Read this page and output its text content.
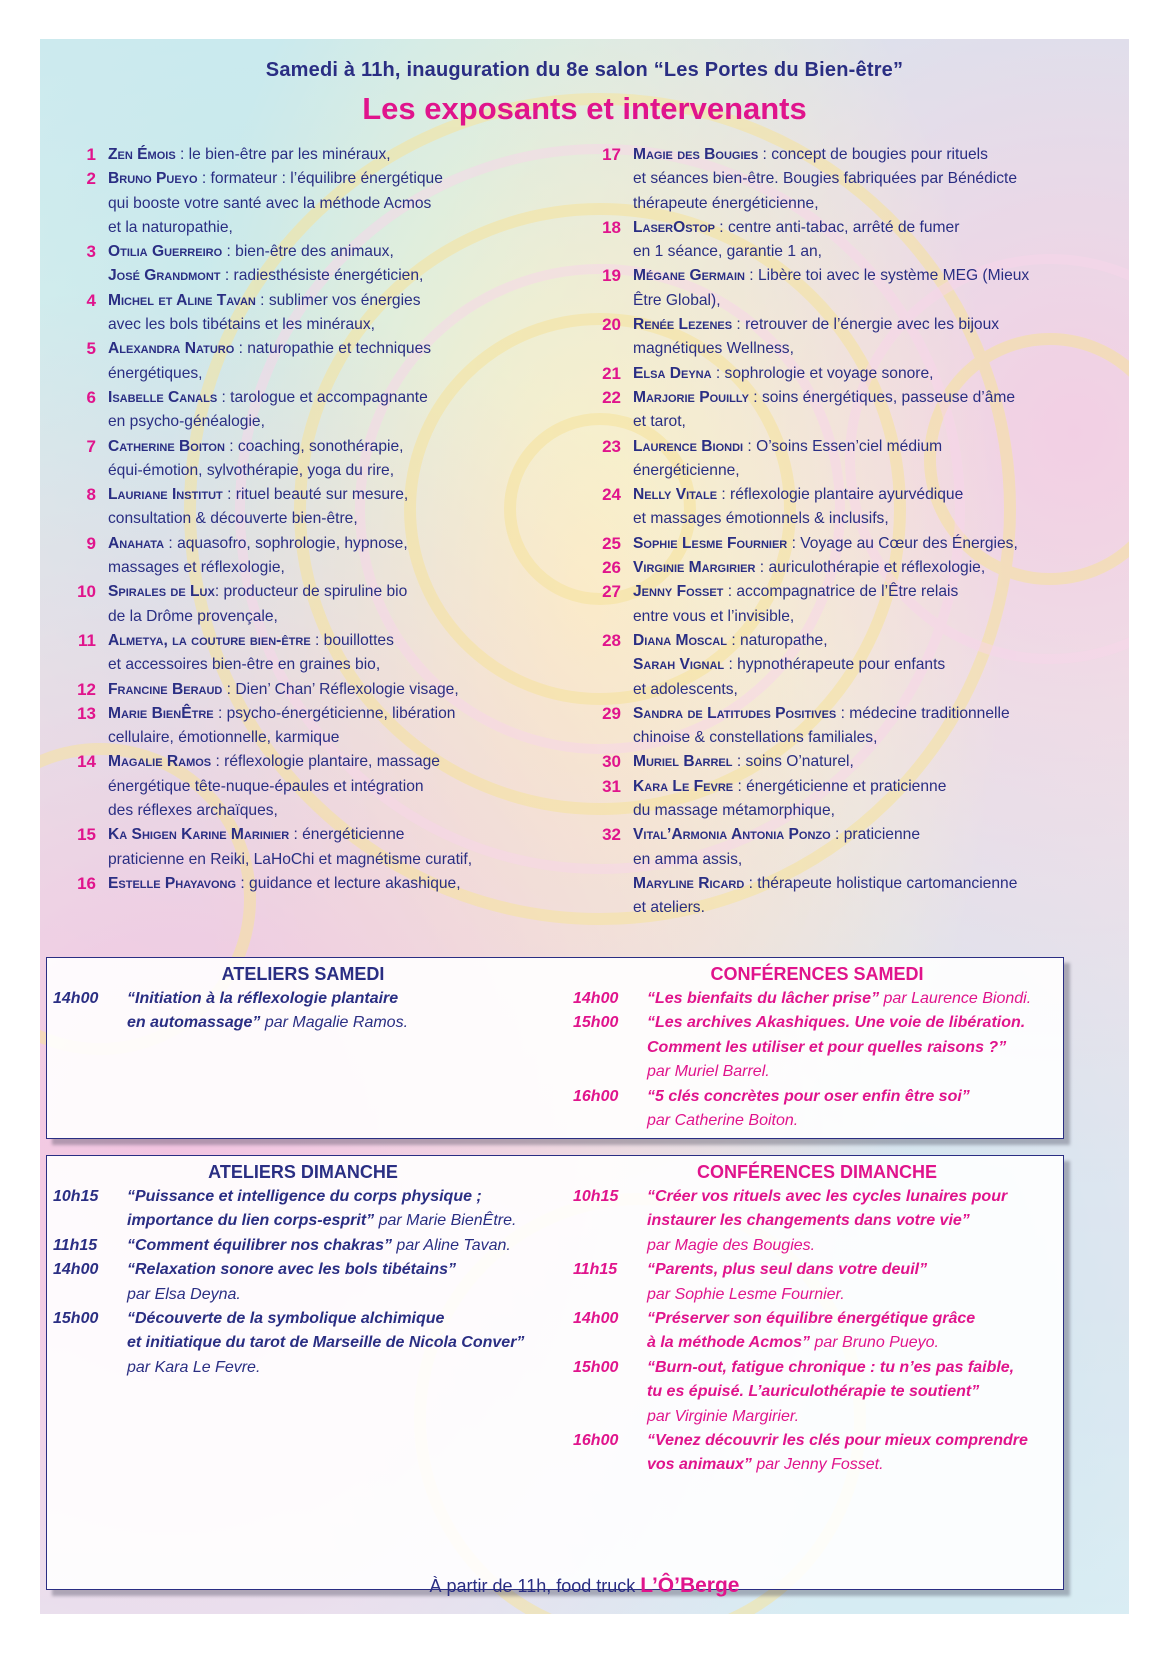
Samedi à 11h, inauguration du 8e salon “Les Portes du Bien-être”
Les exposants et intervenants
1 Zen Émois : le bien-être par les minéraux,
2 Bruno Pueyo : formateur : l’équilibre énergétique
qui booste votre santé avec la méthode Acmos
et la naturopathie,
3 Otilia Guerreiro : bien-être des animaux,
José Grandmont : radiesthésiste énergéticien,
4 Michel et Aline Tavan : sublimer vos énergies
avec les bols tibétains et les minéraux,
5 Alexandra Naturo : naturopathie et techniques
énergétiques,
6 Isabelle Canals : tarologue et accompagnante
en psycho-généalogie,
7 Catherine Boiton : coaching, sonothérapie,
équi-émotion, sylvothérapie, yoga du rire,
8 Lauriane Institut : rituel beauté sur mesure,
consultation & découverte bien-être,
9 Anahata : aquasofro, sophrologie, hypnose,
massages et réflexologie,
10 Spirales de Lux: producteur de spiruline bio
de la Drôme provençale,
11 Almetya, la couture bien-être : bouillottes
et accessoires bien-être en graines bio,
12 Francine Beraud : Dien’ Chan’ Réflexologie visage,
13 Marie BienÊtre : psycho-énergéticienne, libération
cellulaire, émotionnelle, karmique
14 Magalie Ramos : réflexologie plantaire, massage
énergétique tête-nuque-épaules et intégration
des réflexes archaïques,
15 Ka Shigen Karine Marinier : énergéticienne
praticienne en Reiki, LaHoChi et magnétisme curatif,
16 Estelle Phayavong : guidance et lecture akashique,
17 Magie des Bougies : concept de bougies pour rituels
et séances bien-être. Bougies fabriquées par Bénédicte
thérapeute énergéticienne,
18 LaserOstop : centre anti-tabac, arrêté de fumer
en 1 séance, garantie 1 an,
19 Mégane Germain : Libère toi avec le système MEG (Mieux
Être Global),
20 Renée Lezenes : retrouver de l’énergie avec les bijoux
magnétiques Wellness,
21 Elsa Deyna : sophrologie et voyage sonore,
22 Marjorie Pouilly : soins énergétiques, passeuse d’âme
et tarot,
23 Laurence Biondi : O’soins Essen’ciel médium
énergéticienne,
24 Nelly Vitale : réflexologie plantaire ayurvédique
et massages émotionnels & inclusifs,
25 Sophie Lesme Fournier : Voyage au Cœur des Énergies,
26 Virginie Margirier : auriculothérapie et réflexologie,
27 Jenny Fosset : accompagnatrice de l’Être relais
entre vous et l’invisible,
28 Diana Moscal : naturopathe,
Sarah Vignal : hypnothérapeute pour enfants
et adolescents,
29 Sandra de Latitudes Positives : médecine traditionnelle
chinoise & constellations familiales,
30 Muriel Barrel : soins O’naturel,
31 Kara Le Fevre : énergéticienne et praticienne
du massage métamorphique,
32 Vital’Armonia Antonia Ponzo : praticienne
en amma assis,
Maryline Ricard : thérapeute holistique cartomancienne
et ateliers.
ATELIERS SAMEDI
14h00 “Initiation à la réflexologie plantaire
en automassage” par Magalie Ramos.
CONFÉRENCES SAMEDI
14h00 “Les bienfaits du lâcher prise” par Laurence Biondi.
15h00 “Les archives Akashiques. Une voie de libération.
Comment les utiliser et pour quelles raisons ?”
par Muriel Barrel.
16h00 “5 clés concrètes pour oser enfin être soi”
par Catherine Boiton.
ATELIERS DIMANCHE
10h15 “Puissance et intelligence du corps physique ;
importance du lien corps-esprit” par Marie BienÊtre.
11h15 “Comment équilibrer nos chakras” par Aline Tavan.
14h00 “Relaxation sonore avec les bols tibétains”
par Elsa Deyna.
15h00 “Découverte de la symbolique alchimique
et initiatique du tarot de Marseille de Nicola Conver”
par Kara Le Fevre.
CONFÉRENCES DIMANCHE
10h15 “Créer vos rituels avec les cycles lunaires pour
instaurer les changements dans votre vie”
par Magie des Bougies.
11h15 “Parents, plus seul dans votre deuil”
par Sophie Lesme Fournier.
14h00 “Préserver son équilibre énergétique grâce
à la méthode Acmos” par Bruno Pueyo.
15h00 “Burn-out, fatigue chronique : tu n’es pas faible,
tu es épuisé. L’auriculothérapie te soutient”
par Virginie Margirier.
16h00 “Venez découvrir les clés pour mieux comprendre
vos animaux” par Jenny Fosset.
À partir de 11h, food truck L’Ô’Berge
